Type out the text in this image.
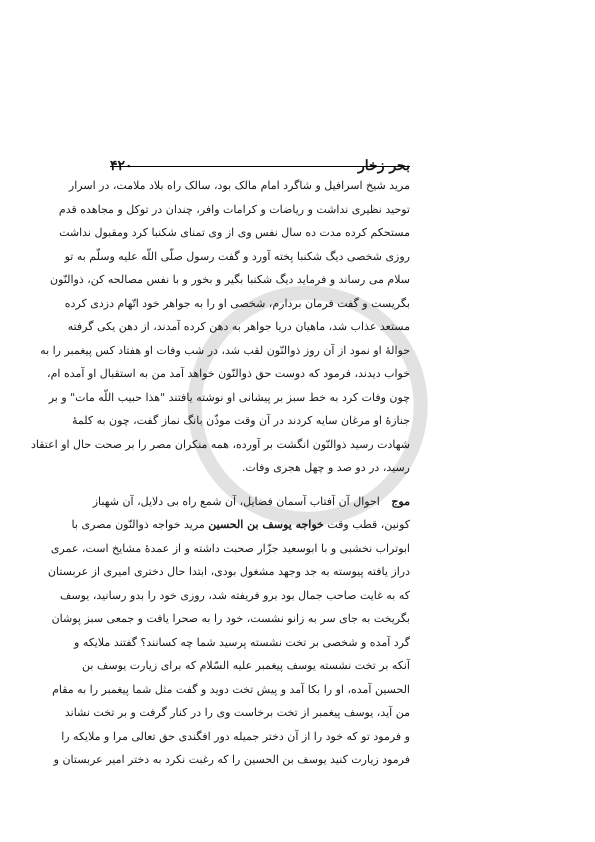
بحر زخار
۴۲۰
مرید شیخ اسرافیل و شاگرد امام مالک بود، سالک راه بلاد ملامت، در اسرار
توحید نظیری نداشت و ریاضات و کرامات وافر، چندان در توکل و مجاهده قدم
مستحکم کرده مدت ده سال نفس وی از وی تمنای شکنبا کرد ومقبول نداشت
روزی شخصی دیگ شکنبا پخته آورد و گفت رسول صلّی اللّه علیه وسلّم به تو
سلام می رساند و فرماید دیگ شکنبا بگیر و بخور و با نفس مصالحه کن، ذوالنّون
بگریست و گفت فرمان بردارم، شخصی او را به جواهر خود اتّهام دزدی کرده
مستعد عذاب شد، ماهیان دریا جواهر به دهن کرده آمدند، از دهن یکی گرفته
حوالهٔ او نمود از آن روز ذوالنّون لقب شد، در شب وفات او هفتاد کس پیغمبر را به
خواب دیدند، فرمود که دوست حق ذوالنّون خواهد آمد من به استقبال او آمده ام،
چون وفات کرد به خط سبز بر پیشانی او نوشته یافتند "هذا حبیب اللّه مات" و بر
جنازهٔ او مرغان سایه کردند در آن وقت موذّن بانگ نماز گفت، چون به کلمهٔ
شهادت رسید ذوالنّون انگشت بر آورده، همه منکران مصر را بر صحت حال او اعتقاد
رسید، در دو صد و چهل هجری وفات.
موج احوال آن آفتاب آسمان فضایل، آن شمع راه بی دلایل، آن شهباز
کونین، قطب وقت خواجه یوسف بن الحسین مرید خواجه ذوالنّون مصری با
ابوتراب نخشبی و با ابوسعید جزّار صحبت داشته و از عمدهٔ مشایخ است، عمری
دراز یافته پیوسته به جد وجهد مشغول بودی، ابتدا حال دختری امیری از عربستان
که به غایت صاحب جمال بود برو فریفته شد، روزی خود را بدو رسانید، یوسف
بگریخت به جای سر به زانو نشست، خود را به صحرا یافت و جمعی سبز پوشان
گرد آمده و شخصی بر تخت نشسته پرسید شما چه کسانند؟ گفتند ملایکه و
آنکه بر تخت نشسته یوسف پیغمبر علیه السّلام که برای زیارت یوسف بن
الحسین آمده، او را بکا آمد و پیش تخت دوید و گفت مثل شما پیغمبر را به مقام
من آید، یوسف پیغمبر از تخت برخاست وی را در کنار گرفت و بر تخت نشاند
و فرمود تو که خود را از آن دختر جمیله دور افگندی حق تعالی مرا و ملایکه را
فرمود زیارت کنید یوسف بن الحسین را که رغبت نکرد به دختر امیر عربستان و
